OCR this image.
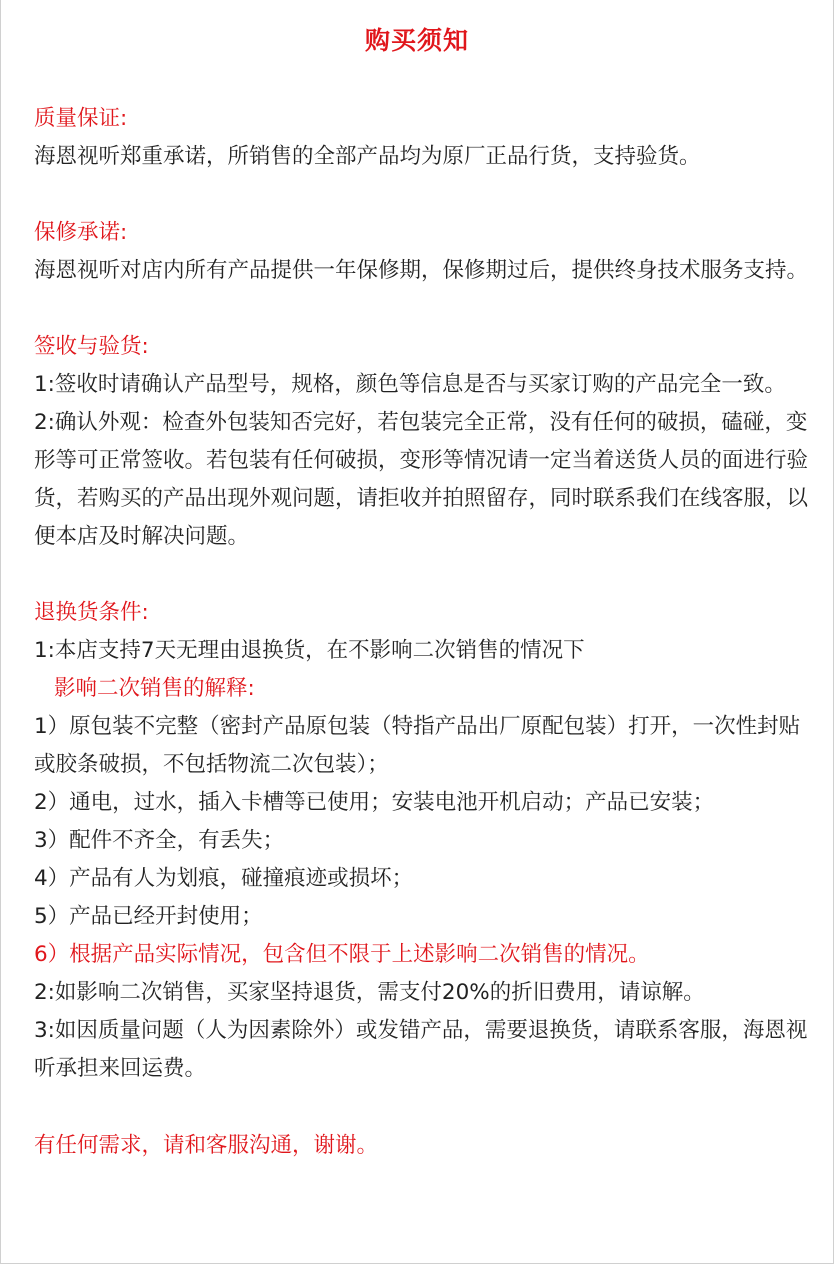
购买须知

质量保证:

海恩视听郑重承诺，所销售的全部产品均为原厂正品行货，支持验货。

保修承诺:

海恩视听对店内所有产品提供一年保修期，保修期过后，提供终身技术服务支持。

签收与验货:

1:签收时请确认产品型号，规格，颜色等信息是否与买家订购的产品完全一致。

2:确认外观：检查外包装知否完好，若包装完全正常，没有任何的破损，磕碰，变形等可正常签收。若包装有任何破损，变形等情况请一定当着送货人员的面进行验货，若购买的产品出现外观问题，请拒收并拍照留存，同时联系我们在线客服，以便本店及时解决问题。

退换货条件:

1:本店支持7天无理由退换货，在不影响二次销售的情况下

影响二次销售的解释:

1）原包装不完整（密封产品原包装（特指产品出厂原配包装）打开，一次性封贴或胶条破损，不包括物流二次包装）；

2）通电，过水，插入卡槽等已使用；安装电池开机启动；产品已安装；

3）配件不齐全，有丢失；

4）产品有人为划痕，碰撞痕迹或损坏；

5）产品已经开封使用；

6）根据产品实际情况，包含但不限于上述影响二次销售的情况。

2:如影响二次销售，买家坚持退货，需支付20%的折旧费用，请谅解。

3:如因质量问题（人为因素除外）或发错产品，需要退换货，请联系客服，海恩视听承担来回运费。

有任何需求，请和客服沟通，谢谢。
